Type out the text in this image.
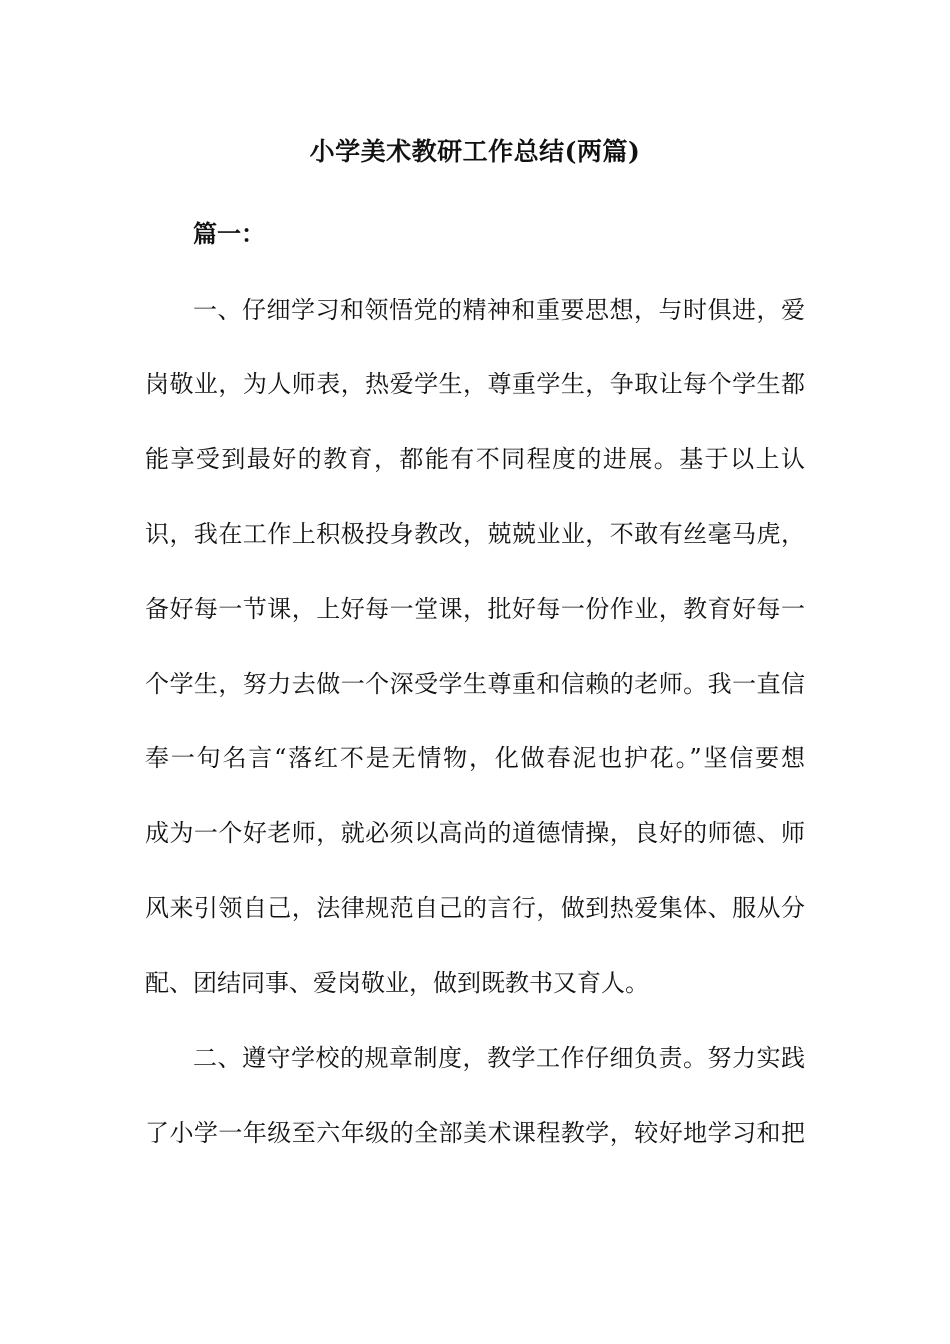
小学美术教研工作总结(两篇)
篇一：
一、仔细学习和领悟党的精神和重要思想，与时俱进，爱
岗敬业，为人师表，热爱学生，尊重学生，争取让每个学生都
能享受到最好的教育，都能有不同程度的进展。基于以上认
识，我在工作上积极投身教改，兢兢业业，不敢有丝毫马虎，
备好每一节课，上好每一堂课，批好每一份作业，教育好每一
个学生，努力去做一个深受学生尊重和信赖的老师。我一直信
奉一句名言“落红不是无情物，化做春泥也护花。”坚信要想
成为一个好老师，就必须以高尚的道德情操，良好的师德、师
风来引领自己，法律规范自己的言行，做到热爱集体、服从分
配、团结同事、爱岗敬业，做到既教书又育人。
二、遵守学校的规章制度，教学工作仔细负责。努力实践
了小学一年级至六年级的全部美术课程教学，较好地学习和把
